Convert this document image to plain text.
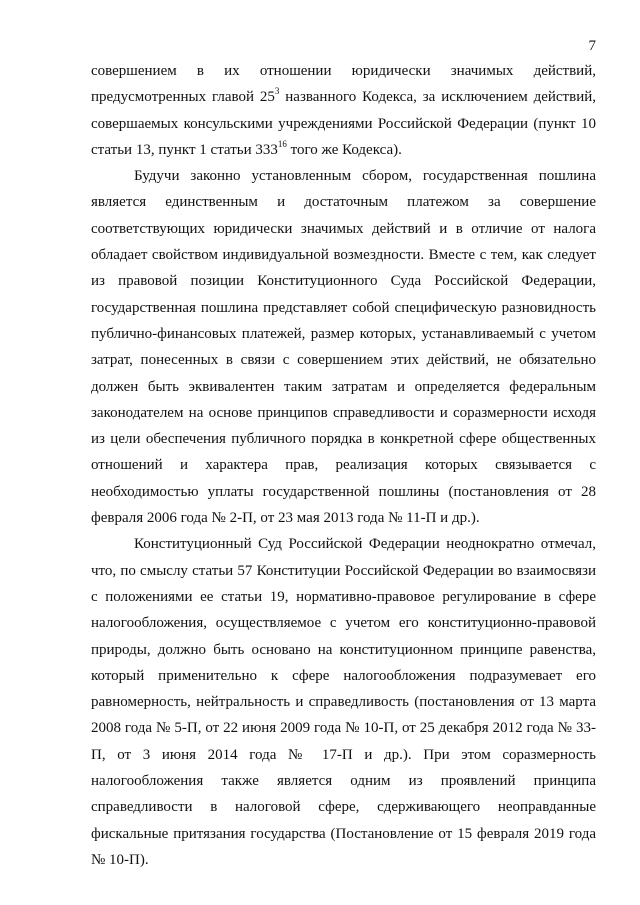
7
совершением в их отношении юридически значимых действий,
предусмотренных главой $25^3$ названного Кодекса, за исключением действий,
совершаемых консульскими учреждениями Российской Федерации (пункт 10
статьи 13, пункт 1 статьи $333^{16}$ того же Кодекса).
Будучи законно установленным сбором, государственная пошлина
является единственным и достаточным платежом за совершение
соответствующих юридически значимых действий и в отличие от налога
обладает свойством индивидуальной возмездности. Вместе с тем, как следует
из правовой позиции Конституционного Суда Российской Федерации,
государственная пошлина представляет собой специфическую разновидность
публично-финансовых платежей, размер которых, устанавливаемый с учетом
затрат, понесенных в связи с совершением этих действий, не обязательно
должен быть эквивалентен таким затратам и определяется федеральным
законодателем на основе принципов справедливости и соразмерности исходя
из цели обеспечения публичного порядка в конкретной сфере общественных
отношений и характера прав, реализация которых связывается с
необходимостью уплаты государственной пошлины (постановления от 28
февраля 2006 года № 2-П, от 23 мая 2013 года № 11-П и др.).
Конституционный Суд Российской Федерации неоднократно отмечал,
что, по смыслу статьи 57 Конституции Российской Федерации во взаимосвязи
с положениями ее статьи 19, нормативно-правовое регулирование в сфере
налогообложения, осуществляемое с учетом его конституционно-правовой
природы, должно быть основано на конституционном принципе равенства,
который применительно к сфере налогообложения подразумевает его
равномерность, нейтральность и справедливость (постановления от 13 марта
2008 года № 5-П, от 22 июня 2009 года № 10-П, от 25 декабря 2012 года № 33-
П, от 3 июня 2014 года № 17-П и др.). При этом соразмерность
налогообложения также является одним из проявлений принципа
справедливости в налоговой сфере, сдерживающего неоправданные
фискальные притязания государства (Постановление от 15 февраля 2019 года
№ 10-П).
